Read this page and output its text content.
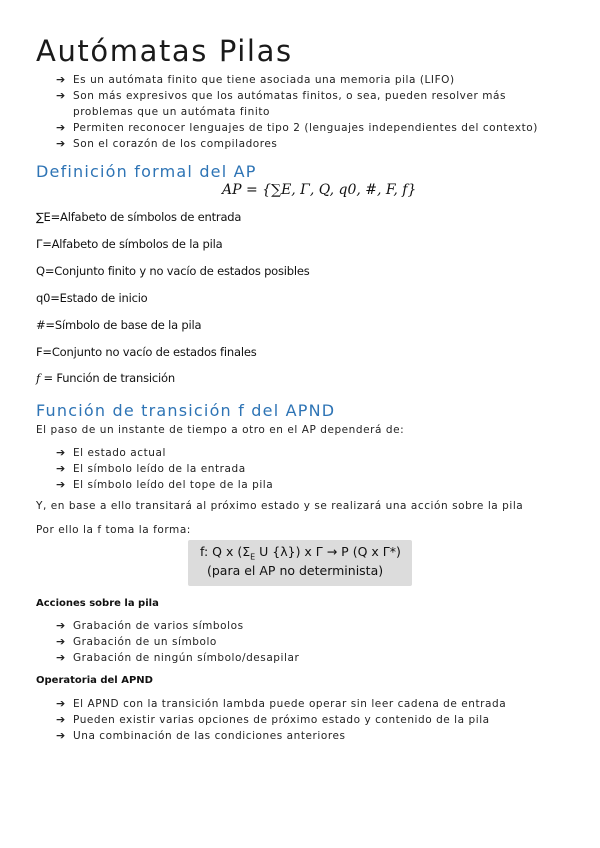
Autómatas Pilas
➔ Es un autómata finito que tiene asociada una memoria pila (LIFO)
➔ Son más expresivos que los autómatas finitos, o sea, pueden resolver más
problemas que un autómata finito
➔ Permiten reconocer lenguajes de tipo 2 (lenguajes independientes del contexto)
➔ Son el corazón de los compiladores
Definición formal del AP
AP = {∑E, Γ, Q, q0, #, F, f}

∑E=Alfabeto de símbolos de entrada

Γ=Alfabeto de símbolos de la pila

Q=Conjunto finito y no vacío de estados posibles

q0=Estado de inicio

#=Símbolo de base de la pila

F=Conjunto no vacío de estados finales

f = Función de transición

Función de transición f del APND

El paso de un instante de tiempo a otro en el AP dependerá de:

➔ El estado actual
➔ El símbolo leído de la entrada
➔ El símbolo leído del tope de la pila

Y, en base a ello transitará al próximo estado y se realizará una acción sobre la pila

Por ello la f toma la forma:

f: Q x ($\Sigma_E$ U {λ}) x Γ → P (Q x Γ*)
(para el AP no determinista)

Acciones sobre la pila

➔ Grabación de varios símbolos
➔ Grabación de un símbolo
➔ Grabación de ningún símbolo/desapilar

Operatoria del APND

➔ El APND con la transición lambda puede operar sin leer cadena de entrada
➔ Pueden existir varias opciones de próximo estado y contenido de la pila
➔ Una combinación de las condiciones anteriores
